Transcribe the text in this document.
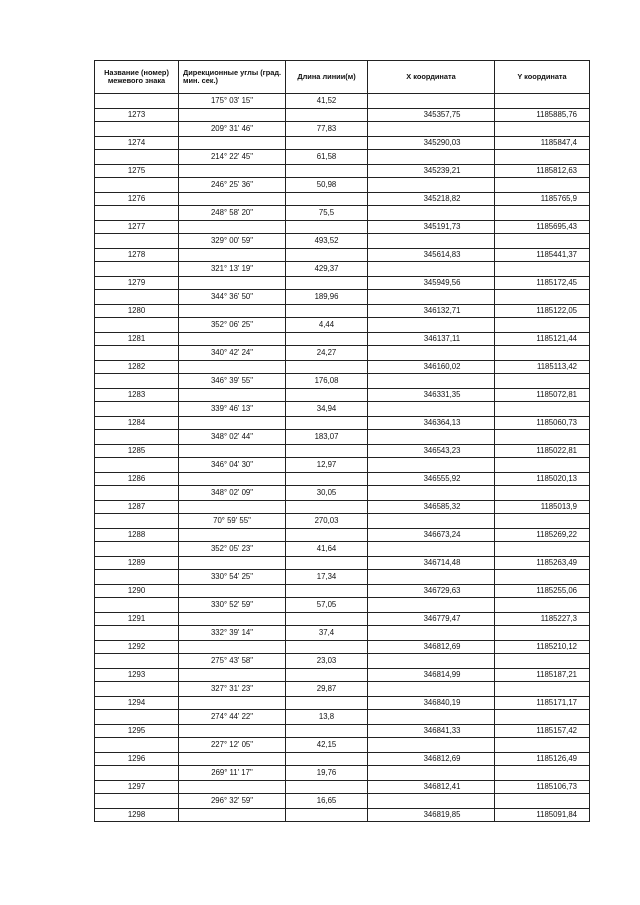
Название (номер) межевого знака	Дирекционные углы (град. мин. сек.)	Длина линии(м)	X координата	Y координата

1273	175° 03' 15"	41,52	345357,75	1185885,76

1274	209° 31' 46"	77,83	345290,03	1185847,4

1275	214° 22' 45"	61,58	345239,21	1185812,63

1276	246° 25' 36"	50,98	345218,82	1185765,9

1277	248° 58' 20"	75,5	345191,73	1185695,43

1278	329° 00' 59"	493,52	345614,83	1185441,37

1279	321° 13' 19"	429,37	345949,56	1185172,45

1280	344° 36' 50"	189,96	346132,71	1185122,05

1281	352° 06' 25"	4,44	346137,11	1185121,44

1282	340° 42' 24"	24,27	346160,02	1185113,42

1283	346° 39' 55"	176,08	346331,35	1185072,81

1284	339° 46' 13"	34,94	346364,13	1185060,73

1285	348° 02' 44"	183,07	346543,23	1185022,81

1286	346° 04' 30"	12,97	346555,92	1185020,13

1287	348° 02' 09"	30,05	346585,32	1185013,9

1288	70° 59' 55"	270,03	346673,24	1185269,22

1289	352° 05' 23"	41,64	346714,48	1185263,49

1290	330° 54' 25"	17,34	346729,63	1185255,06

1291	330° 52' 59"	57,05	346779,47	1185227,3

1292	332° 39' 14"	37,4	346812,69	1185210,12

1293	275° 43' 58"	23,03	346814,99	1185187,21

1294	327° 31' 23"	29,87	346840,19	1185171,17

1295	274° 44' 22"	13,8	346841,33	1185157,42

1296	227° 12' 05"	42,15	346812,69	1185126,49

1297	269° 11' 17"	19,76	346812,41	1185106,73

1298	296° 32' 59"	16,65	346819,85	1185091,84
